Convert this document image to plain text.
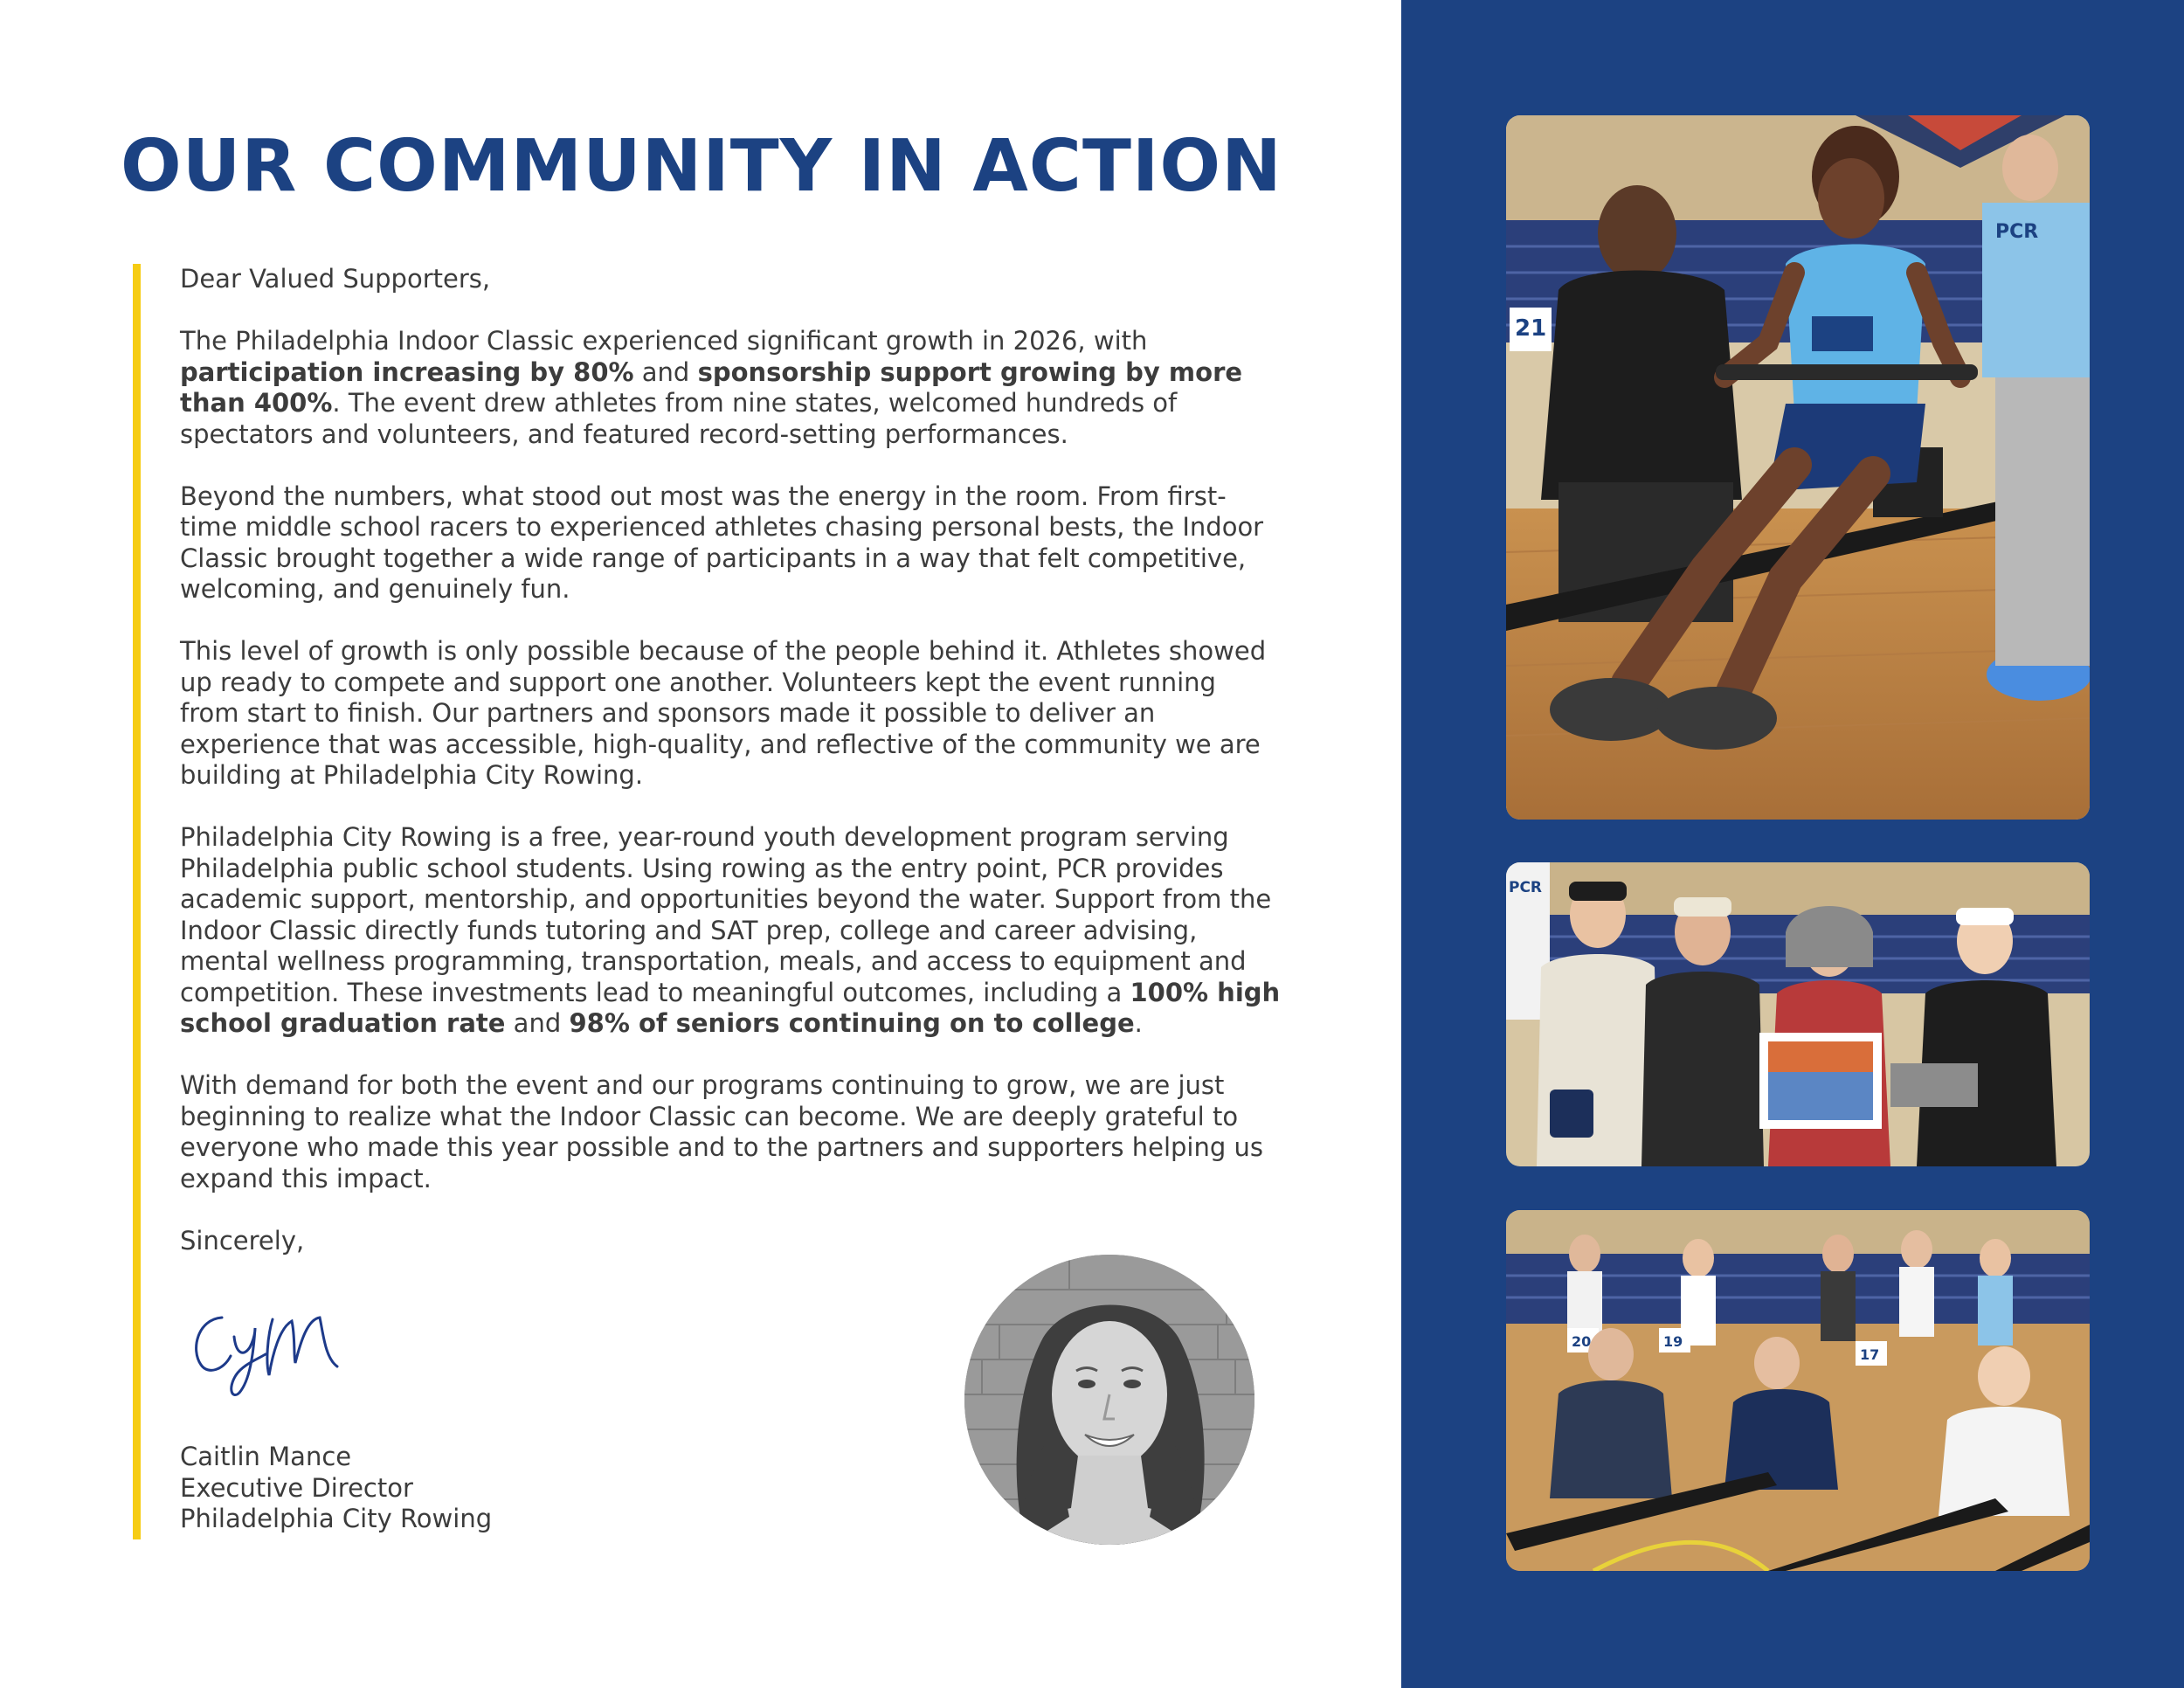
OUR COMMUNITY IN ACTION

Dear Valued Supporters,

The Philadelphia Indoor Classic experienced significant growth in 2026, with participation increasing by 80% and sponsorship support growing by more than 400%. The event drew athletes from nine states, welcomed hundreds of spectators and volunteers, and featured record-setting performances.

Beyond the numbers, what stood out most was the energy in the room. From first-time middle school racers to experienced athletes chasing personal bests, the Indoor Classic brought together a wide range of participants in a way that felt competitive, welcoming, and genuinely fun.

This level of growth is only possible because of the people behind it. Athletes showed up ready to compete and support one another. Volunteers kept the event running from start to finish. Our partners and sponsors made it possible to deliver an experience that was accessible, high-quality, and reflective of the community we are building at Philadelphia City Rowing.

Philadelphia City Rowing is a free, year-round youth development program serving Philadelphia public school students. Using rowing as the entry point, PCR provides academic support, mentorship, and opportunities beyond the water. Support from the Indoor Classic directly funds tutoring and SAT prep, college and career advising, mental wellness programming, transportation, meals, and access to equipment and competition. These investments lead to meaningful outcomes, including a 100% high school graduation rate and 98% of seniors continuing on to college.

With demand for both the event and our programs continuing to grow, we are just beginning to realize what the Indoor Classic can become. We are deeply grateful to everyone who made this year possible and to the partners and supporters helping us expand this impact.

Sincerely,

Caitlin Mance
Executive Director
Philadelphia City Rowing
21
PCR
PCR
20	19
17
